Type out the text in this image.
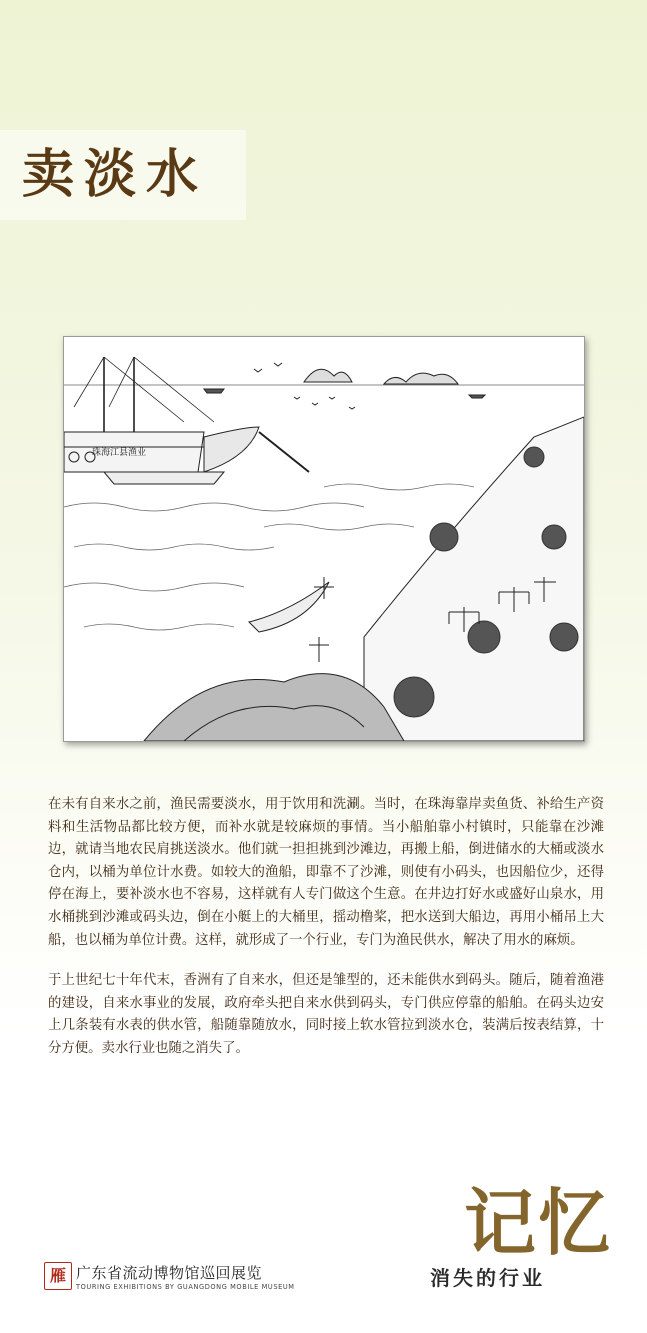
卖淡水
珠海江县渔业

在未有自来水之前，渔民需要淡水，用于饮用和洗涮。当时，在珠海靠岸卖鱼货、补给生产资料和生活物品都比较方便，而补水就是较麻烦的事情。当小船舶靠小村镇时，只能靠在沙滩边，就请当地农民肩挑送淡水。他们就一担担挑到沙滩边，再搬上船，倒进储水的大桶或淡水仓内，以桶为单位计水费。如较大的渔船，即靠不了沙滩，则使有小码头，也因船位少，还得停在海上，要补淡水也不容易，这样就有人专门做这个生意。在井边打好水或盛好山泉水，用水桶挑到沙滩或码头边，倒在小艇上的大桶里，摇动橹桨，把水送到大船边，再用小桶吊上大船，也以桶为单位计费。这样，就形成了一个行业，专门为渔民供水，解决了用水的麻烦。

于上世纪七十年代末，香洲有了自来水，但还是雏型的，还未能供水到码头。随后，随着渔港的建设，自来水事业的发展，政府牵头把自来水供到码头，专门供应停靠的船舶。在码头边安上几条装有水表的供水管，船随靠随放水，同时接上软水管拉到淡水仓，装满后按表结算，十分方便。卖水行业也随之消失了。

雁 广东省流动博物馆巡回展览
TOURING EXHIBITIONS BY GUANGDONG MOBILE MUSEUM
记忆
消失的行业
